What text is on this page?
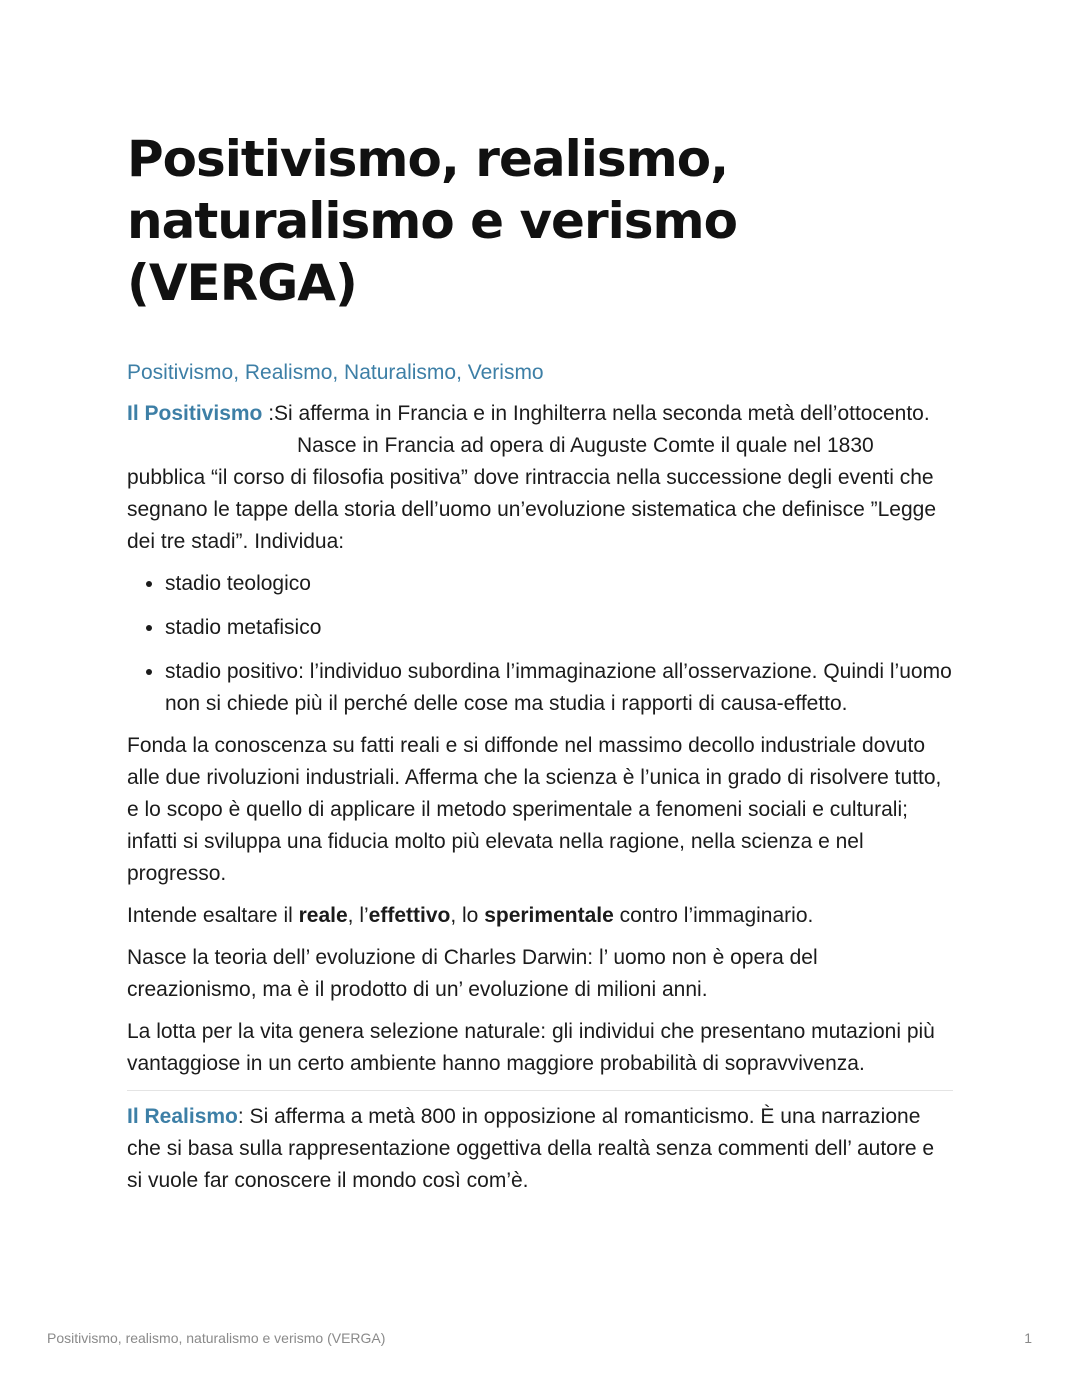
Positivismo, realismo, naturalismo e verismo (VERGA)
Positivismo, Realismo, Naturalismo, Verismo

Il Positivismo :Si afferma in Francia e in Inghilterra nella seconda metà dell’ottocento.Nasce in Francia ad opera di Auguste Comte il quale nel 1830 pubblica “il corso di filosofia positiva” dove rintraccia nella successione degli eventi che segnano le tappe della storia dell’uomo un’evoluzione sistematica che definisce ”Legge dei tre stadi”. Individua:

• stadio teologico
• stadio metafisico
• stadio positivo: l’individuo subordina l’immaginazione all’osservazione. Quindi l’uomo non si chiede più il perché delle cose ma studia i rapporti di causa-effetto.

Fonda la conoscenza su fatti reali e si diffonde nel massimo decollo industriale dovuto alle due rivoluzioni industriali. Afferma che la scienza è l’unica in grado di risolvere tutto, e lo scopo è quello di applicare il metodo sperimentale a fenomeni sociali e culturali; infatti si sviluppa una fiducia molto più elevata nella ragione, nella scienza e nel progresso.

Intende esaltare il reale, l’effettivo, lo sperimentale contro l’immaginario.

Nasce la teoria dell’ evoluzione di Charles Darwin: l’ uomo non è opera del creazionismo, ma è il prodotto di un’ evoluzione di milioni anni.

La lotta per la vita genera selezione naturale: gli individui che presentano mutazioni più vantaggiose in un certo ambiente hanno maggiore probabilità di sopravvivenza.

Il Realismo: Si afferma a metà 800 in opposizione al romanticismo. È una narrazione che si basa sulla rappresentazione oggettiva della realtà senza commenti dell’ autore e si vuole far conoscere il mondo così com’è.

Positivismo, realismo, naturalismo e verismo (VERGA)	1
